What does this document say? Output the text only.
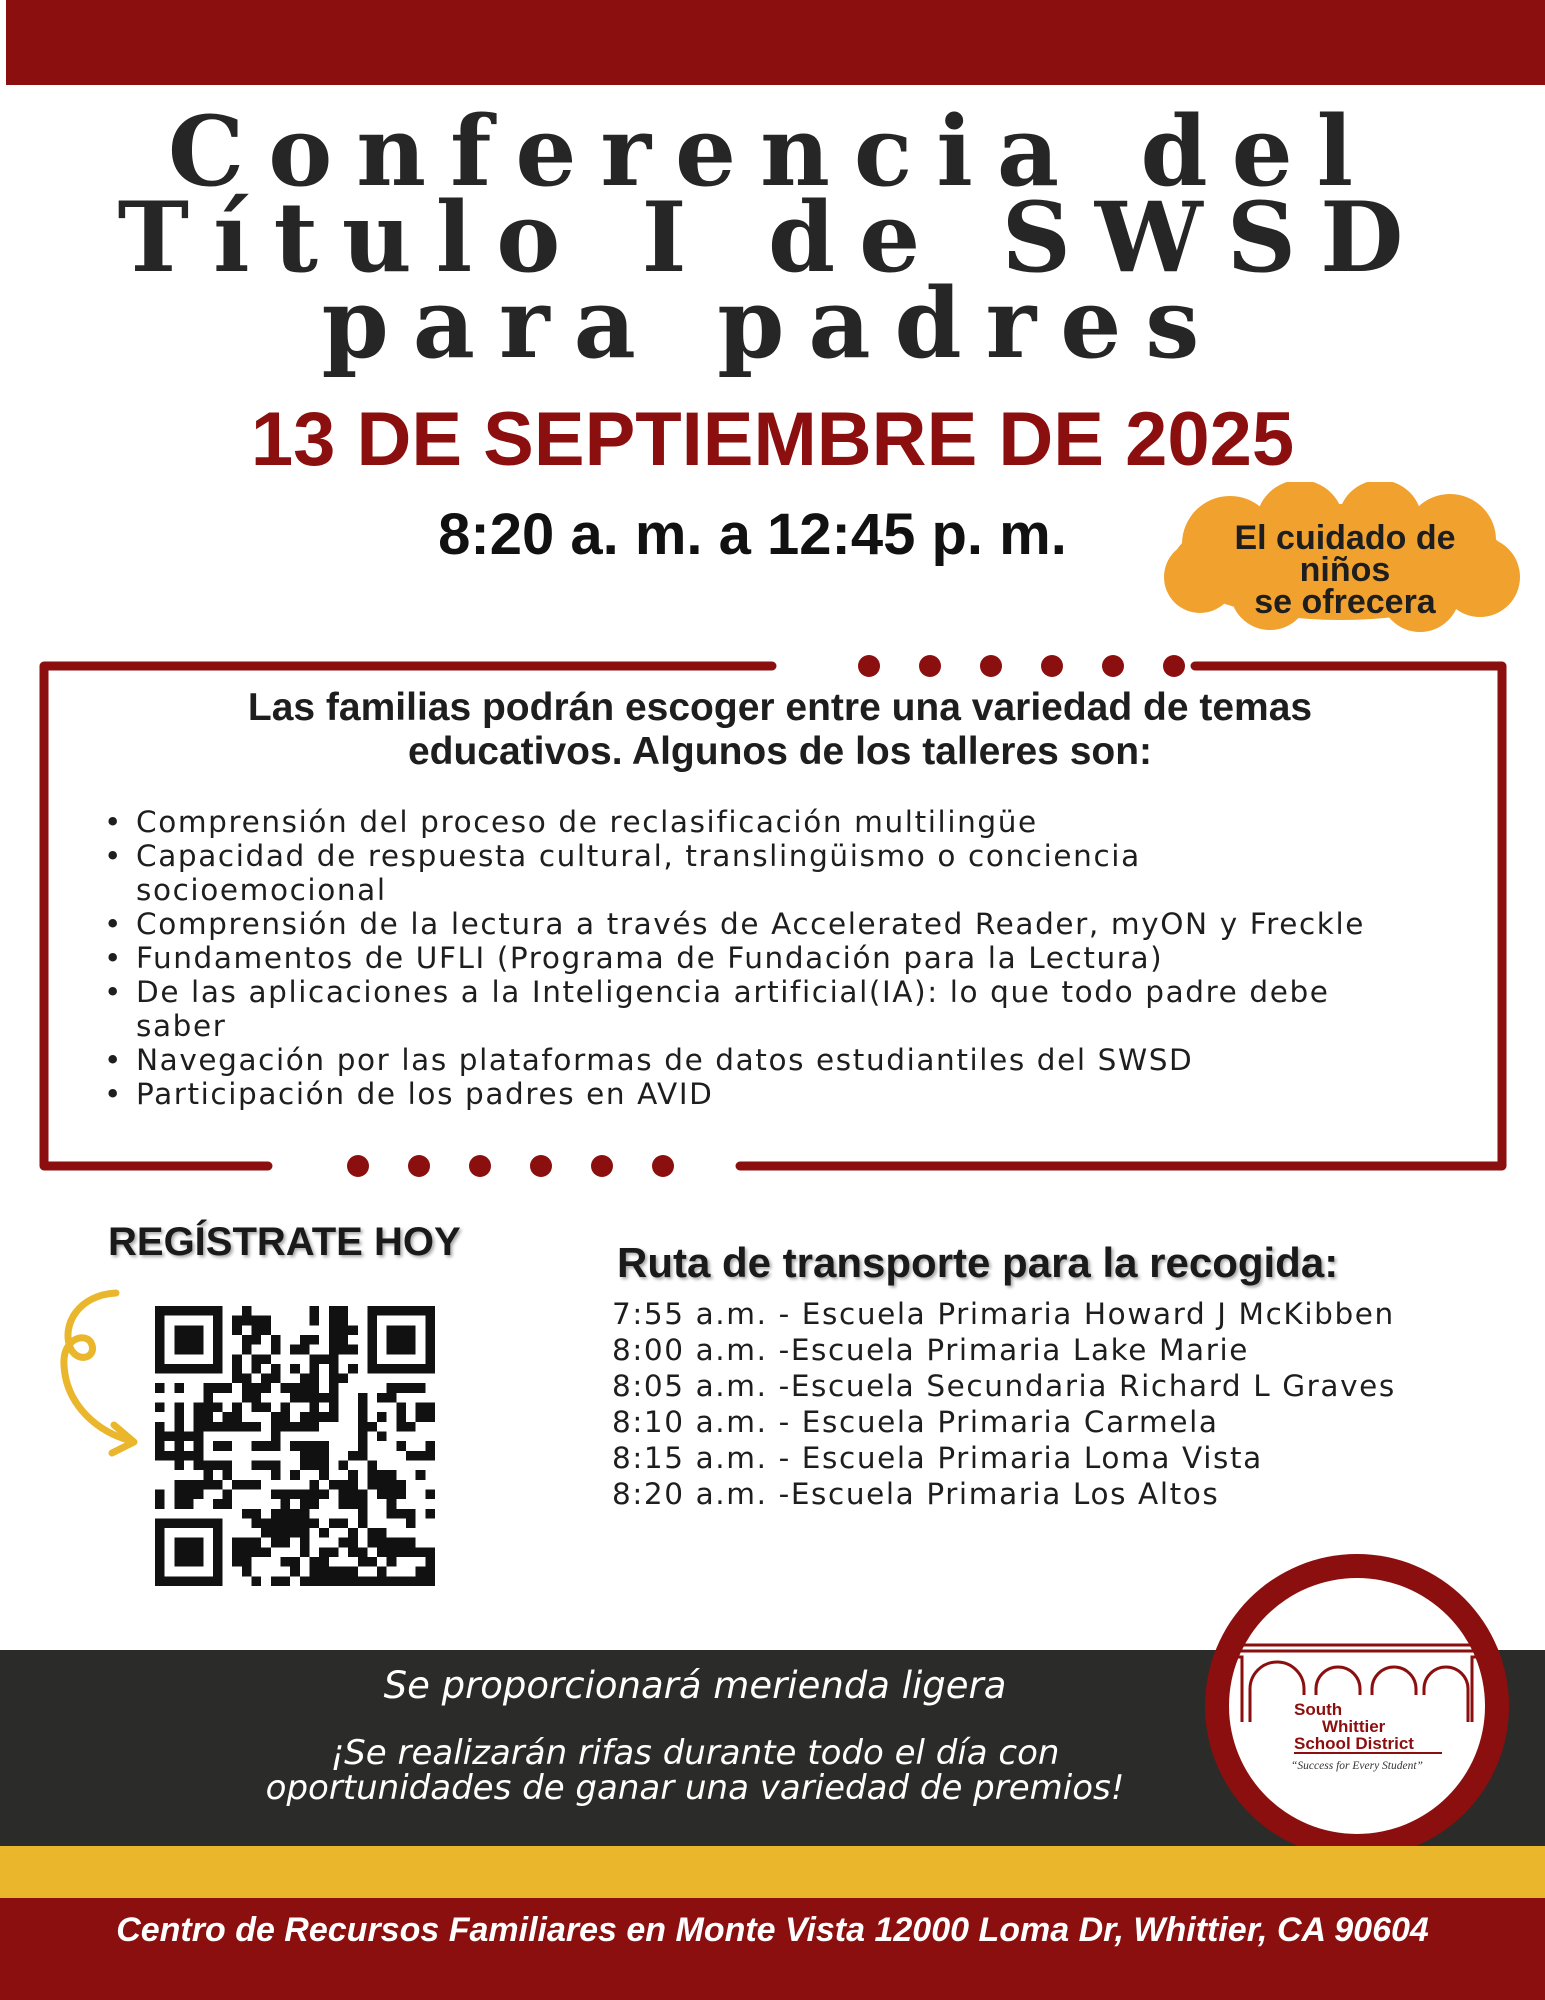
Conferencia del
Título I de SWSD
para padres
13 DE SEPTIEMBRE DE 2025
8:20 a. m. a 12:45 p. m.	El cuidado de
niños
se ofrecera
Las familias podrán escoger entre una variedad de temas
educativos. Algunos de los talleres son:
• Comprensión del proceso de reclasificación multilingüe
• Capacidad de respuesta cultural, translingüismo o conciencia
socioemocional
• Comprensión de la lectura a través de Accelerated Reader, myON y Freckle
• Fundamentos de UFLI (Programa de Fundación para la Lectura)
• De las aplicaciones a la Inteligencia artificial(IA): lo que todo padre debe
saber
• Navegación por las plataformas de datos estudiantiles del SWSD
• Participación de los padres en AVID
REGÍSTRATE HOY	Ruta de transporte para la recogida:
7:55 a.m. - Escuela Primaria Howard J McKibben
8:00 a.m. -Escuela Primaria Lake Marie
8:05 a.m. -Escuela Secundaria Richard L Graves
8:10 a.m. - Escuela Primaria Carmela
8:15 a.m. - Escuela Primaria Loma Vista
8:20 a.m. -Escuela Primaria Los Altos
Se proporcionará merienda ligera
¡Se realizarán rifas durante todo el día con
oportunidades de ganar una variedad de premios!
South
Whittier
School District
“Success for Every Student”
Centro de Recursos Familiares en Monte Vista 12000 Loma Dr, Whittier, CA 90604
